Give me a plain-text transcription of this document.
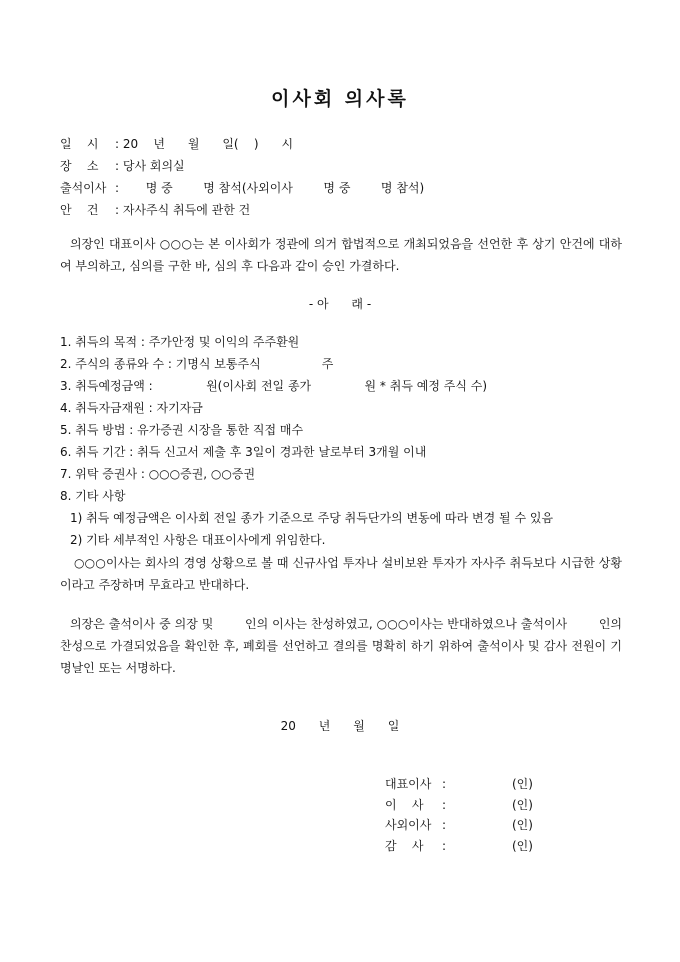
이사회 의사록
일    시 : 20    년      월      일(    )      시
장    소 : 당사 회의실
출석이사 :       명 중        명 참석(사외이사        명 중        명 참석)
안    건 : 자사주식 취득에 관한 건

의장인 대표이사 ○○○는 본 이사회가 정관에 의거 합법적으로 개최되었음을 선언한 후 상기 안건에 대하여 부의하고, 심의를 구한 바, 심의 후 다음과 같이 승인 가결하다.

- 아      래 -
1. 취득의 목적 : 주가안정 및 이익의 주주환원
2. 주식의 종류와 수 : 기명식 보통주식                주
3. 취득예정금액 :              원(이사회 전일 종가              원 * 취득 예정 주식 수)
4. 취득자금재원 : 자기자금
5. 취득 방법 : 유가증권 시장을 통한 직접 매수
6. 취득 기간 : 취득 신고서 제출 후 3일이 경과한 날로부터 3개월 이내
7. 위탁 증권사 : ○○○증권, ○○증권
8. 기타 사항
1) 취득 예정금액은 이사회 전일 종가 기준으로 주당 취득단가의 변동에 따라 변경 될 수 있음
2) 기타 세부적인 사항은 대표이사에게 위임한다.

○○○이사는 회사의 경영 상황으로 볼 때 신규사업 투자나 설비보완 투자가 자사주 취득보다 시급한 상황이라고 주장하며 무효라고 반대하다.

의장은 출석이사 중 의장 및        인의 이사는 찬성하였고, ○○○이사는 반대하였으나 출석이사        인의 찬성으로 가결되었음을 확인한 후, 폐회를 선언하고 결의를 명확히 하기 위하여 출석이사 및 감사 전원이 기명날인 또는 서명하다.

20      년      월      일
대표이사 :	(인)
이    사 :	(인)
사외이사 :	(인)
감    사 :	(인)
